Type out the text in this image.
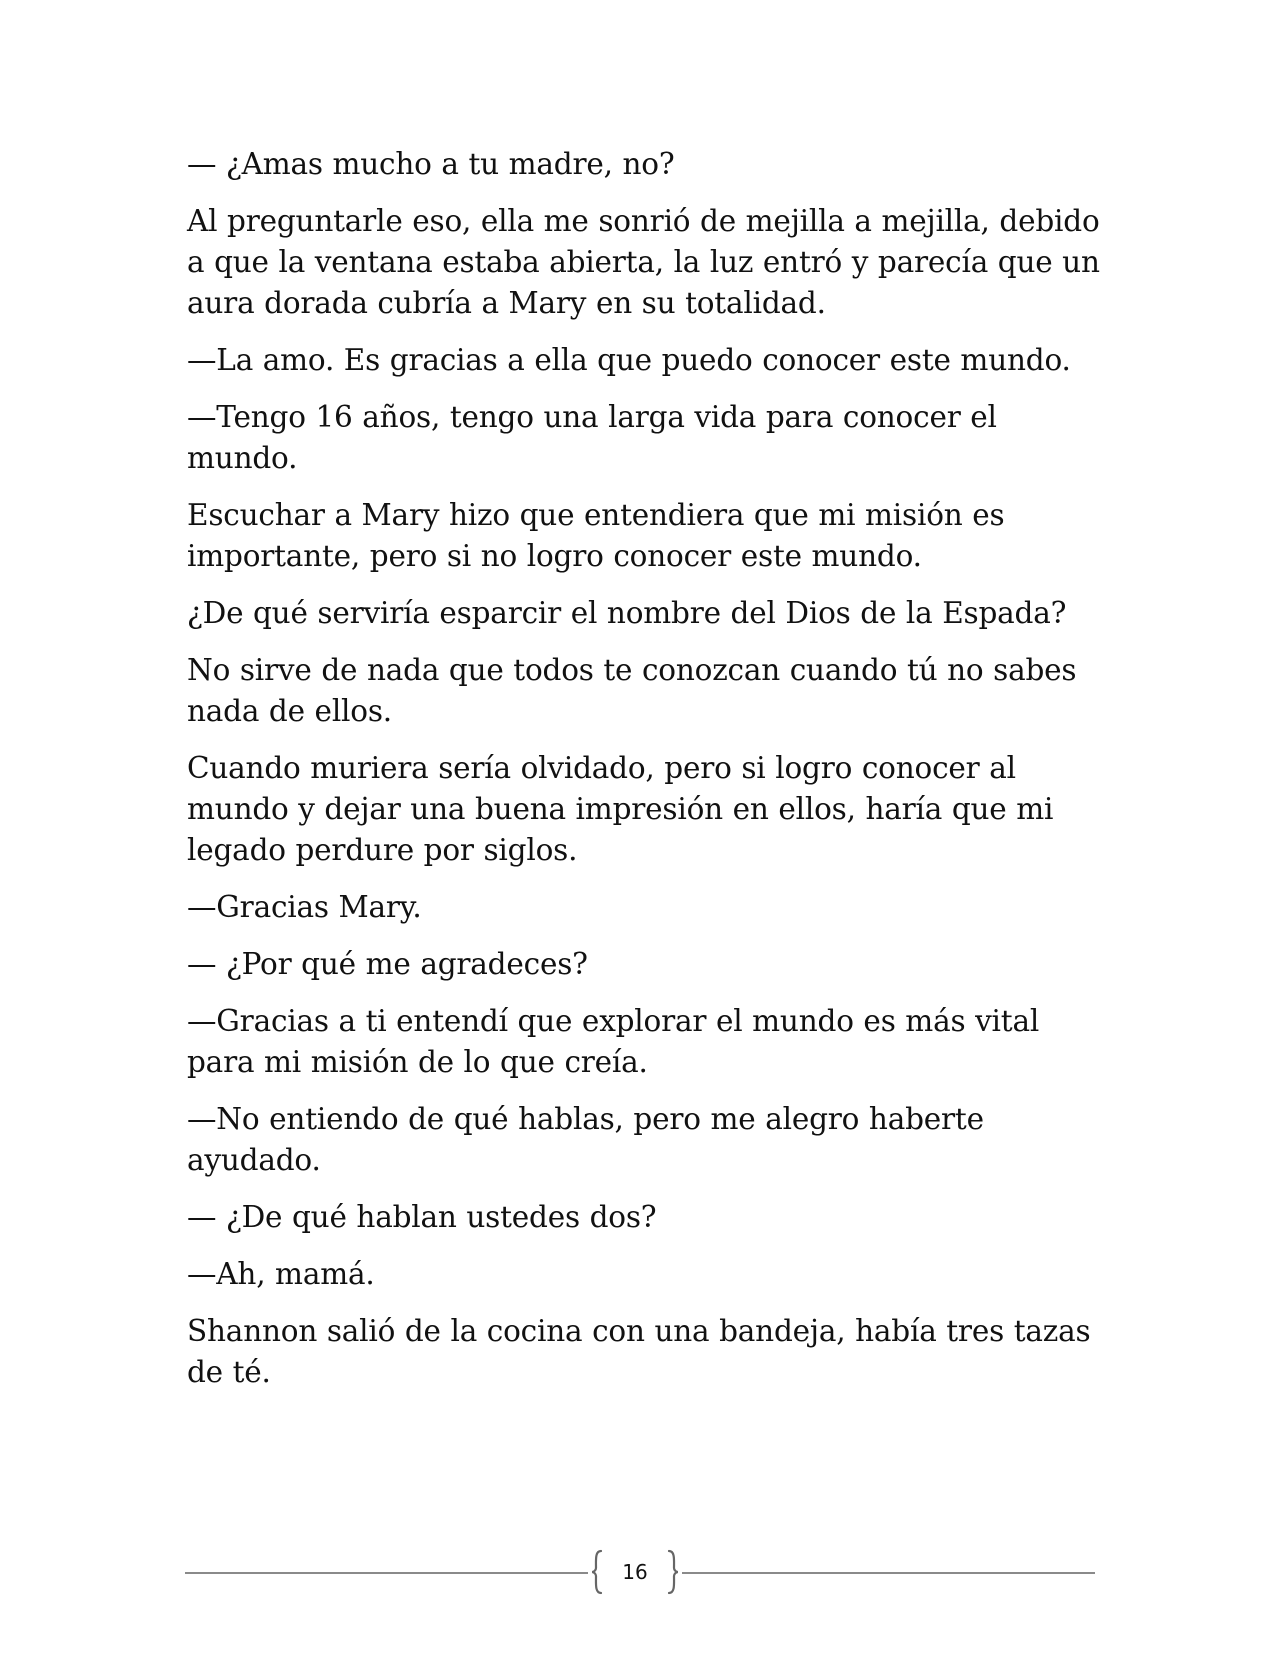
— ¿Amas mucho a tu madre, no?

Al preguntarle eso, ella me sonrió de mejilla a mejilla, debido a que la ventana estaba abierta, la luz entró y parecía que un aura dorada cubría a Mary en su totalidad.

—La amo. Es gracias a ella que puedo conocer este mundo.

—Tengo 16 años, tengo una larga vida para conocer el mundo.

Escuchar a Mary hizo que entendiera que mi misión es importante, pero si no logro conocer este mundo.

¿De qué serviría esparcir el nombre del Dios de la Espada?

No sirve de nada que todos te conozcan cuando tú no sabes nada de ellos.

Cuando muriera sería olvidado, pero si logro conocer al mundo y dejar una buena impresión en ellos, haría que mi legado perdure por siglos.

—Gracias Mary.

— ¿Por qué me agradeces?

—Gracias a ti entendí que explorar el mundo es más vital para mi misión de lo que creía.

—No entiendo de qué hablas, pero me alegro haberte ayudado.

— ¿De qué hablan ustedes dos?

—Ah, mamá.

Shannon salió de la cocina con una bandeja, había tres tazas de té.

16
